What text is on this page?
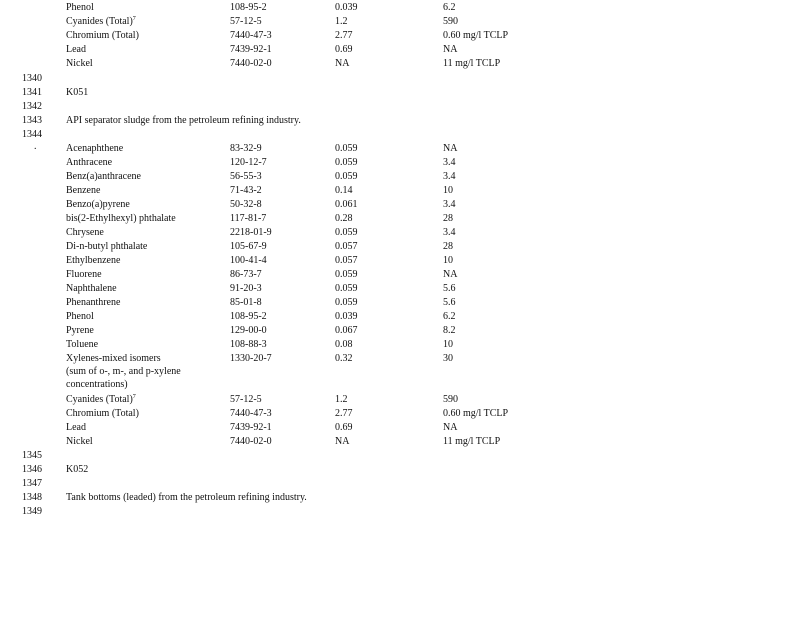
Phenol	108-95-2	0.039	6.2
Cyanides (Total)$^7$	57-12-5	1.2	590
Chromium (Total)	7440-47-3	2.77	0.60 mg/l TCLP
Lead	7439-92-1	0.69	NA
Nickel	7440-02-0	NA	11 mg/l TCLP
1340
1341 K051
1342
1343 API separator sludge from the petroleum refining industry.
1344
.	Acenaphthene	83-32-9	0.059	NA
Anthracene	120-12-7	0.059	3.4
Benz(a)anthracene	56-55-3	0.059	3.4
Benzene	71-43-2	0.14	10
Benzo(a)pyrene	50-32-8	0.061	3.4
bis(2-Ethylhexyl) phthalate	117-81-7	0.28	28
Chrysene	2218-01-9	0.059	3.4
Di-n-butyl phthalate	105-67-9	0.057	28
Ethylbenzene	100-41-4	0.057	10
Fluorene	86-73-7	0.059	NA
Naphthalene	91-20-3	0.059	5.6
Phenanthrene	85-01-8	0.059	5.6
Phenol	108-95-2	0.039	6.2
Pyrene	129-00-0	0.067	8.2
Toluene	108-88-3	0.08	10
Xylenes-mixed isomers
(sum of o-, m-, and p-xylene
concentrations)
1330-20-7	0.32	30
Cyanides (Total)$^7$	57-12-5	1.2	590
Chromium (Total)	7440-47-3	2.77	0.60 mg/l TCLP
Lead	7439-92-1	0.69	NA
Nickel	7440-02-0	NA	11 mg/l TCLP
1345
1346 K052
1347
1348 Tank bottoms (leaded) from the petroleum refining industry.
1349
